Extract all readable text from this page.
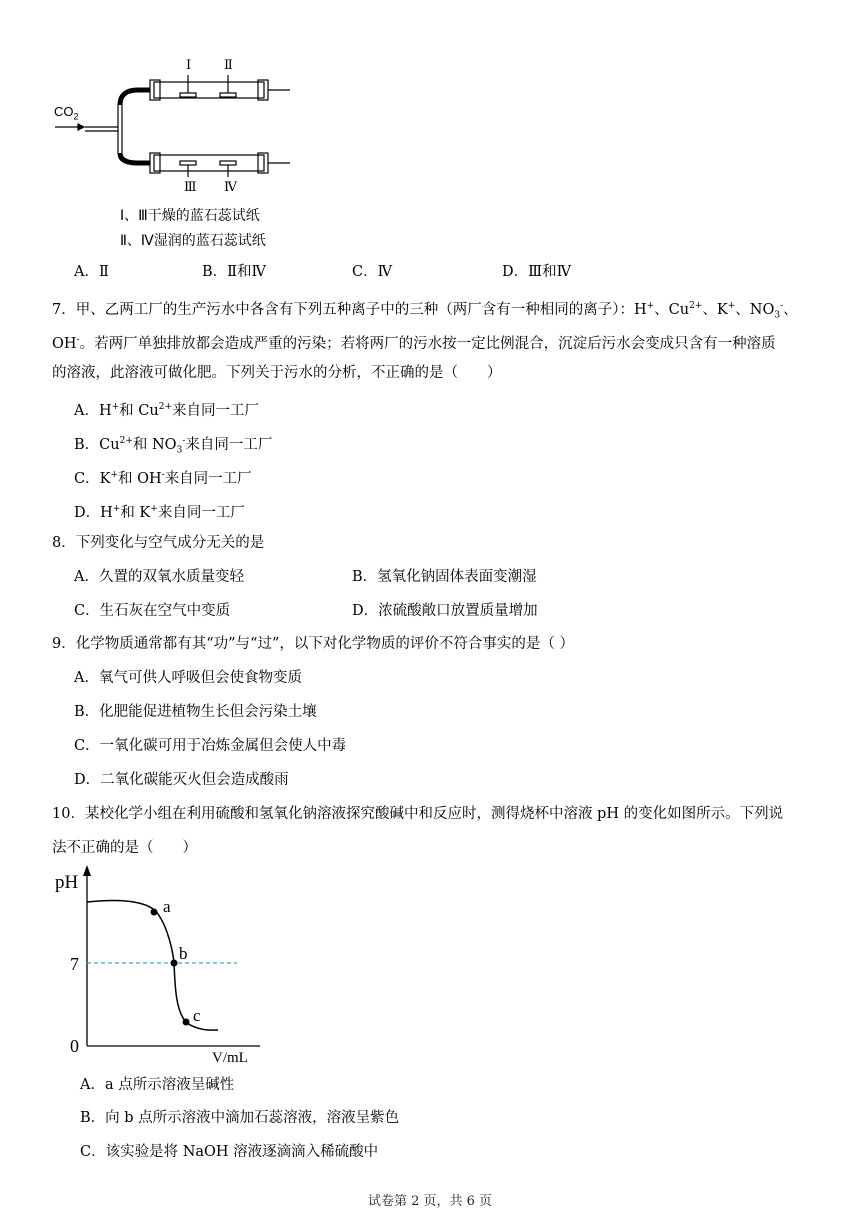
$CO_2$
Ⅰ	Ⅱ
Ⅲ Ⅳ
Ⅰ、Ⅲ干燥的蓝石蕊试纸
Ⅱ、Ⅳ湿润的蓝石蕊试纸
A．Ⅱ	B．Ⅱ和Ⅳ	C．Ⅳ	D．Ⅲ和Ⅳ
7．甲、乙两工厂的生产污水中各含有下列五种离子中的三种（两厂含有一种相同的离子）：H+、$Cu^{2+}$、K+、$NO_3^-$、
OH-。若两厂单独排放都会造成严重的污染；若将两厂的污水按一定比例混合，沉淀后污水会变成只含有一种溶质
的溶液，此溶液可做化肥。下列关于污水的分析，不正确的是（　　）
A．H+和 $Cu^{2+}$来自同一工厂
B．$Cu^{2+}$和 $NO_3^-$来自同一工厂
C．K+和 OH-来自同一工厂
D．H+和 K+来自同一工厂
8．下列变化与空气成分无关的是
A．久置的双氧水质量变轻	B．氢氧化钠固体表面变潮湿
C．生石灰在空气中变质	D．浓硫酸敞口放置质量增加
9．化学物质通常都有其“功”与“过”，以下对化学物质的评价不符合事实的是（ ）
A．氧气可供人呼吸但会使食物变质
B．化肥能促进植物生长但会污染土壤
C．一氧化碳可用于冶炼金属但会使人中毒
D．二氧化碳能灭火但会造成酸雨
10．某校化学小组在利用硫酸和氢氧化钠溶液探究酸碱中和反应时，测得烧杯中溶液 pH 的变化如图所示。下列说
法不正确的是（　　）
pH
7
0
a
b
c
V/mL
A．a 点所示溶液呈碱性
B．向 b 点所示溶液中滴加石蕊溶液，溶液呈紫色
C．该实验是将 NaOH 溶液逐滴滴入稀硫酸中
试卷第 2 页，共 6 页
